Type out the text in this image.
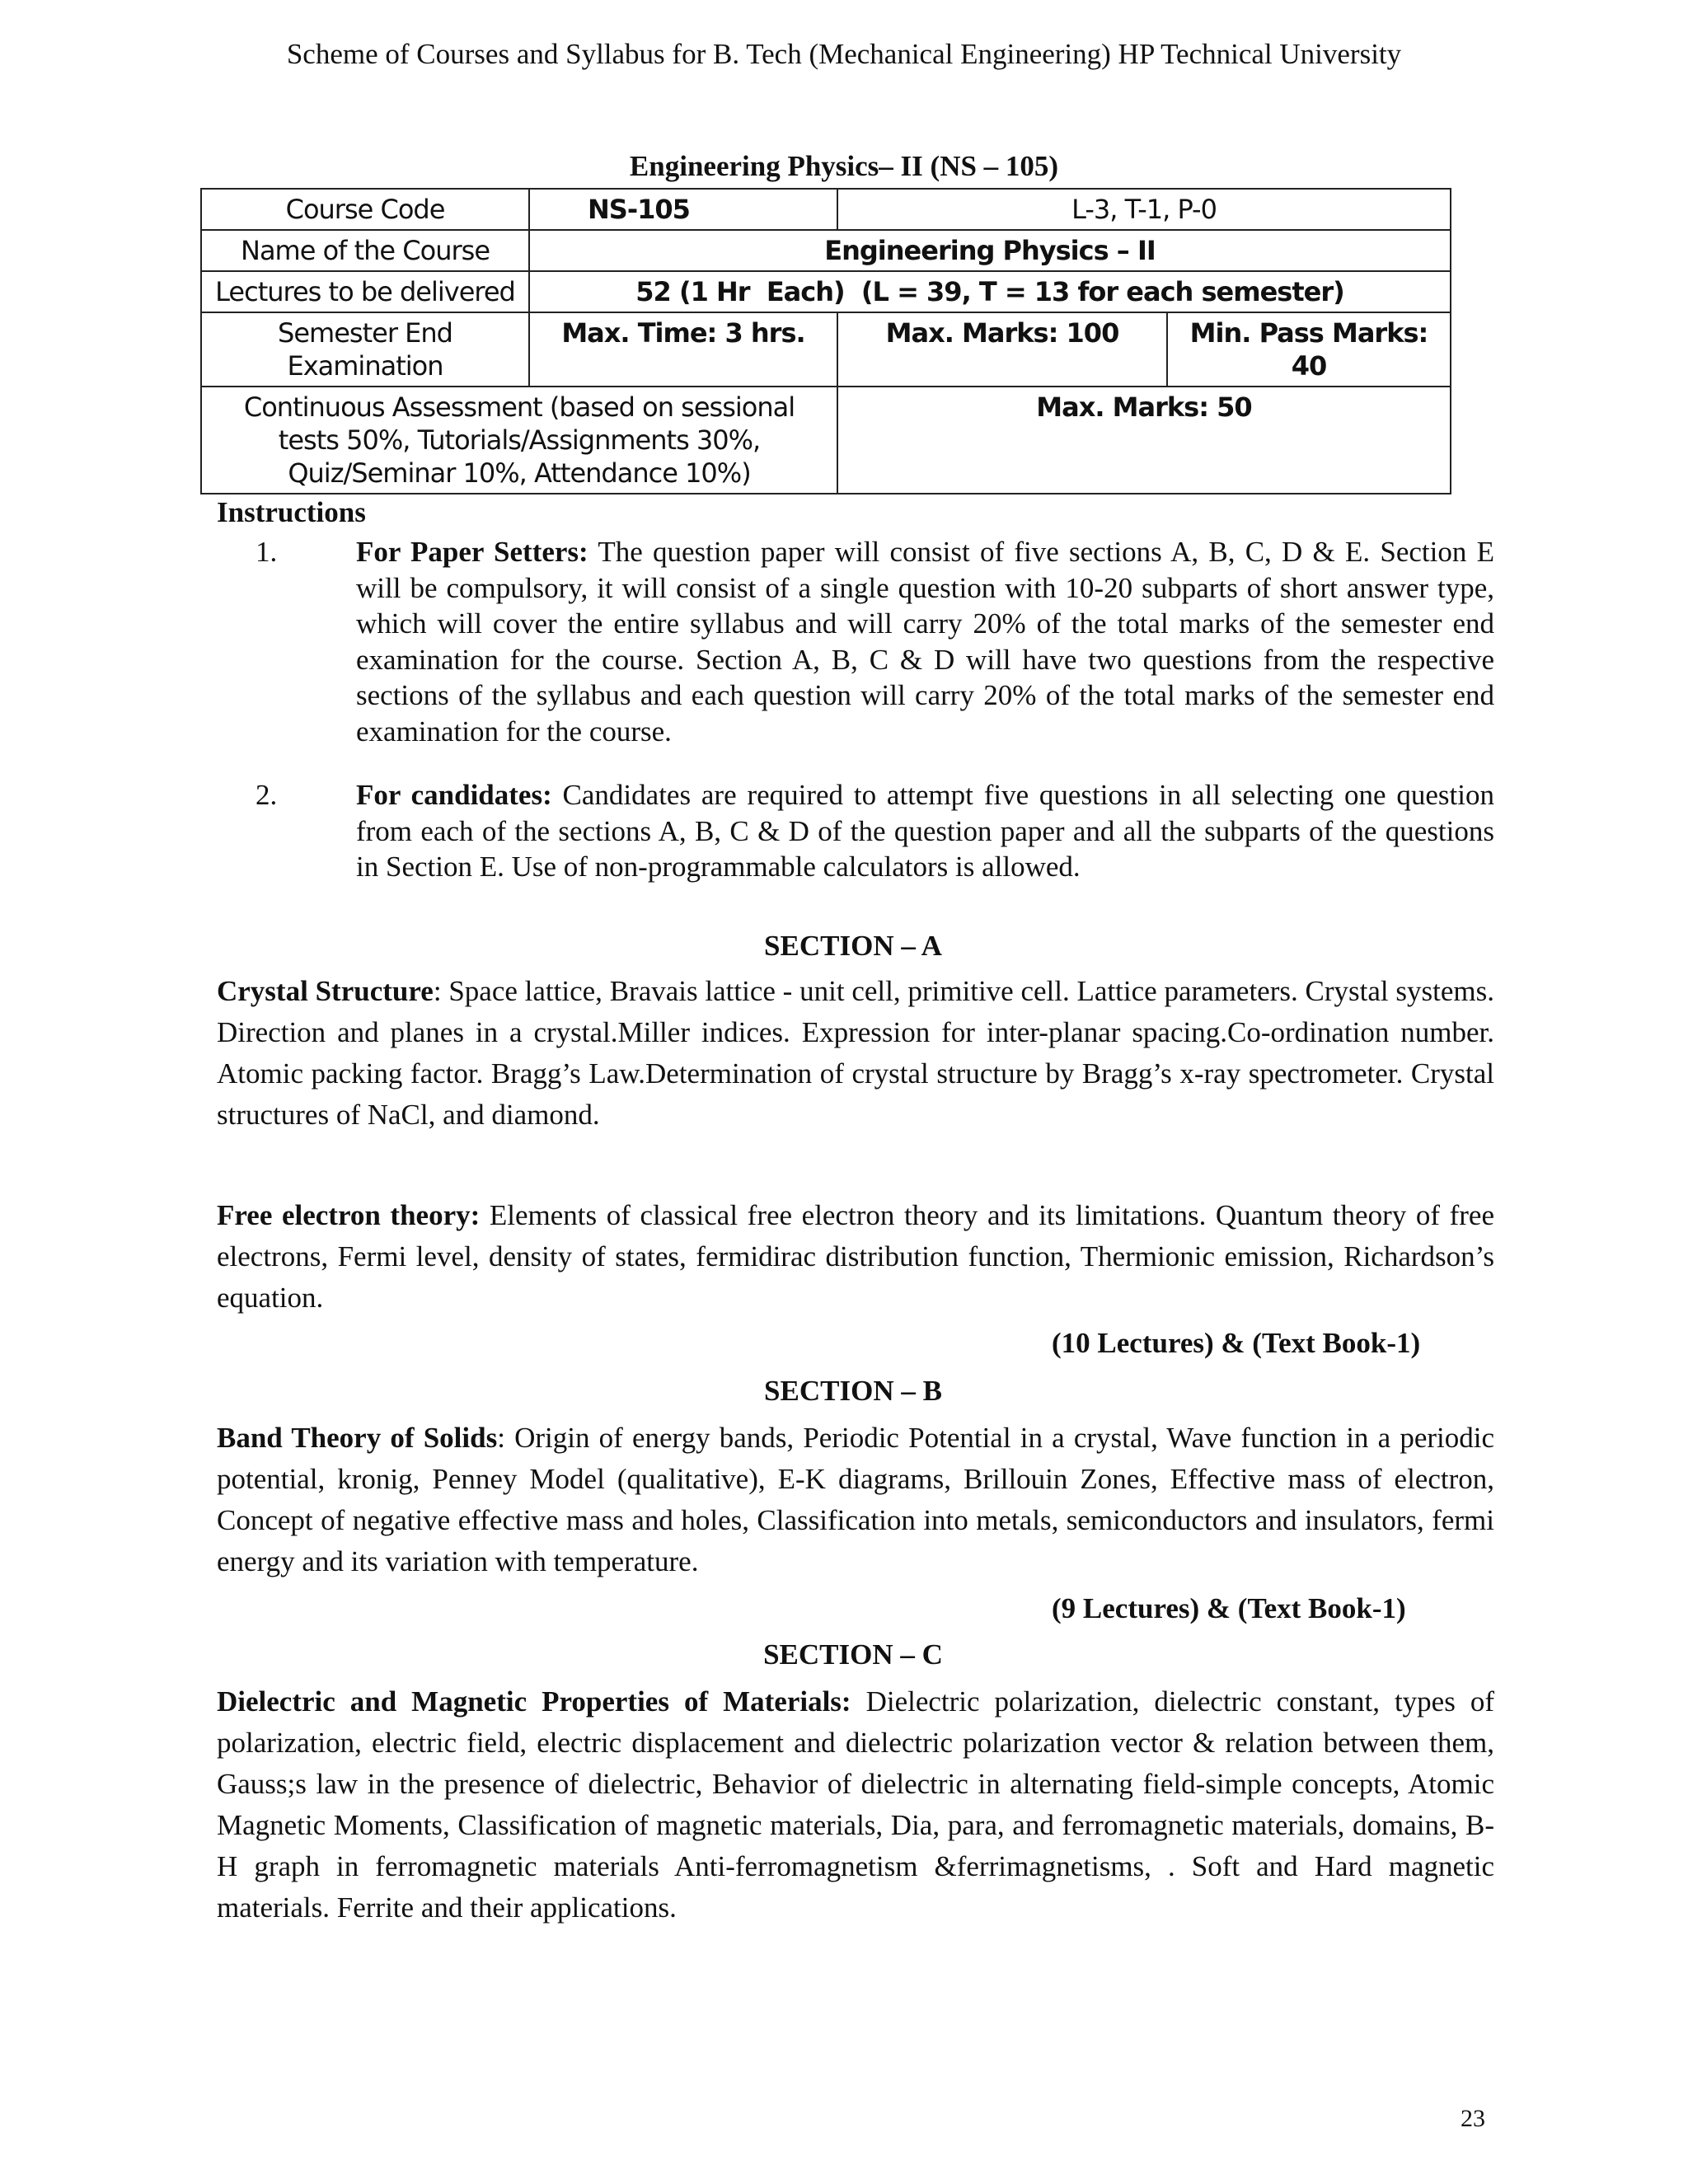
Scheme of Courses and Syllabus for B. Tech (Mechanical Engineering) HP Technical University
Engineering Physics– II (NS – 105)
Course Code	NS-105	L-3, T-1, P-0	
Name of the Course	Engineering Physics – II		
Lectures to be delivered	52 (1 Hr  Each)  (L = 39, T = 13 for each semester)		
Semester End Examination	Max. Time: 3 hrs.	Max. Marks: 100	Min. Pass Marks: 40
Continuous Assessment (based on sessional tests 50%, Tutorials/Assignments 30%, Quiz/Seminar 10%, Attendance 10%)		Max. Marks: 50	
Instructions
1.	For Paper Setters: The question paper will consist of five sections A, B, C, D & E. Section E will be compulsory, it will consist of a single question with 10-20 subparts of short answer type, which will cover the entire syllabus and will carry 20% of the total marks of the semester end examination for the course. Section A, B, C & D will have two questions from the respective sections of the syllabus and each question will carry 20% of the total marks of the semester end examination for the course.
2.	For candidates: Candidates are required to attempt five questions in all selecting one question from each of the sections A, B, C & D of the question paper and all the subparts of the questions in Section E. Use of non-programmable calculators is allowed.
SECTION – A
Crystal Structure: Space lattice, Bravais lattice - unit cell, primitive cell. Lattice parameters. Crystal systems. Direction and planes in a crystal.Miller indices. Expression for inter-planar spacing.Co-ordination number. Atomic packing factor. Bragg’s Law.Determination of crystal structure by Bragg’s x-ray spectrometer. Crystal structures of NaCl, and diamond.
Free electron theory: Elements of classical free electron theory and its limitations. Quantum theory of free electrons, Fermi level, density of states, fermidirac distribution function, Thermionic emission, Richardson’s equation.
(10 Lectures) & (Text Book-1)
SECTION – B
Band Theory of Solids: Origin of energy bands, Periodic Potential in a crystal, Wave function in a periodic potential, kronig, Penney Model (qualitative), E-K diagrams, Brillouin Zones, Effective mass of electron, Concept of negative effective mass and holes, Classification into metals, semiconductors and insulators, fermi energy and its variation with temperature.
(9 Lectures) & (Text Book-1)
SECTION – C
Dielectric and Magnetic Properties of Materials: Dielectric polarization, dielectric constant, types of polarization, electric field, electric displacement and dielectric polarization vector & relation between them, Gauss;s law in the presence of dielectric, Behavior of dielectric in alternating field-simple concepts, Atomic Magnetic Moments, Classification of magnetic materials, Dia, para, and ferromagnetic materials, domains, B-H graph in ferromagnetic materials Anti-ferromagnetism &ferrimagnetisms, . Soft and Hard magnetic materials. Ferrite and their applications.
23
